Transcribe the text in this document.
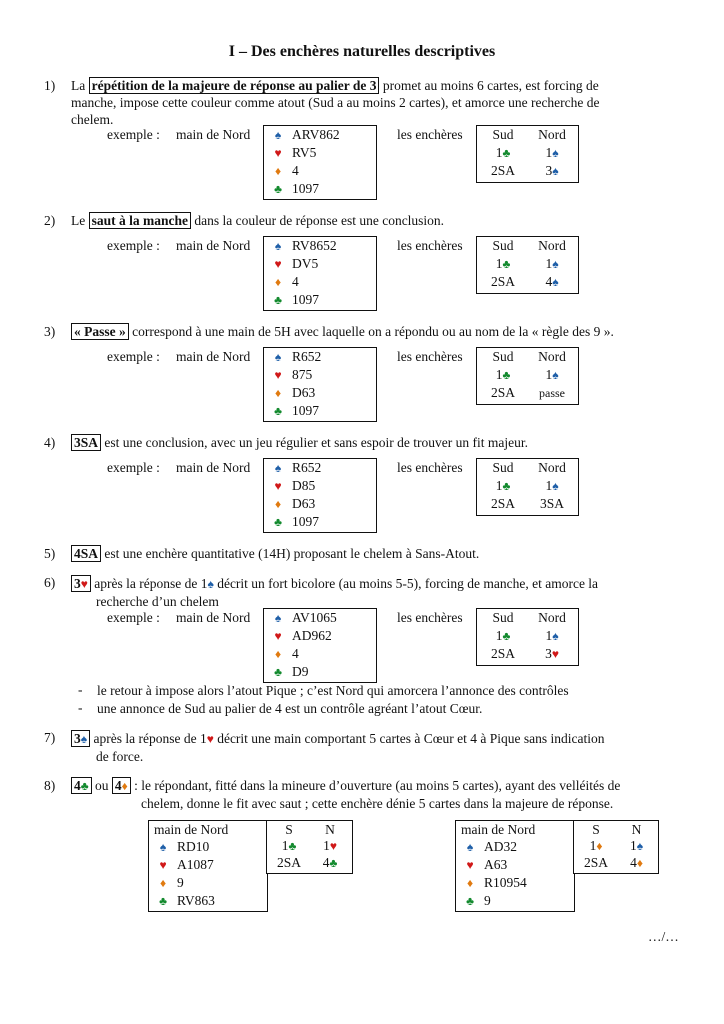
I – Des enchères naturelles descriptives
1) La répétition de la majeure de réponse au palier de 3 promet au moins 6 cartes, est forcing de
manche, impose cette couleur comme atout (Sud a au moins 2 cartes), et amorce une recherche de
chelem.
exemple : main de Nord ♠ ARV862
♥ RV5
♦ 4
♣ 1097
les enchères	Sud	Nord
1♣	1♠
2SA	3♠
2) Le saut à la manche dans la couleur de réponse est une conclusion.
exemple : main de Nord ♠ RV8652
♥ DV5
♦ 4
♣ 1097
les enchères	Sud	Nord
1♣	1♠
2SA	4♠
3) « Passe » correspond à une main de 5H avec laquelle on a répondu ou au nom de la « règle des 9 ».
exemple : main de Nord ♠ R652
♥ 875
♦ D63
♣ 1097
les enchères	Sud	Nord
1♣	1♠
2SA	passe
4) 3SA est une conclusion, avec un jeu régulier et sans espoir de trouver un fit majeur.
exemple : main de Nord ♠ R652
♥ D85
♦ D63
♣ 1097
les enchères	Sud	Nord
1♣	1♠
2SA	3SA
5) 4SA est une enchère quantitative (14H) proposant le chelem à Sans-Atout.
6) 3♥ après la réponse de 1♠ décrit un fort bicolore (au moins 5-5), forcing de manche, et amorce la
recherche d’un chelem
exemple : main de Nord ♠ AV1065
♥ AD962
♦ 4
♣ D9
les enchères	Sud	Nord
1♣	1♠
2SA	3♥
- le retour à impose alors l’atout Pique ; c’est Nord qui amorcera l’annonce des contrôles
- une annonce de Sud au palier de 4 est un contrôle agréant l’atout Cœur.
7) 3♠ après la réponse de 1♥ décrit une main comportant 5 cartes à Cœur et 4 à Pique sans indication
de force.
8) 4♣ ou 4♦ : le répondant, fitté dans la mineure d’ouverture (au moins 5 cartes), ayant des velléités de
chelem, donne le fit avec saut ; cette enchère dénie 5 cartes dans la majeure de réponse.
main de Nord
♠ RD10
♥ A1087
♦ 9
♣ RV863
S	N
1♣	1♥
2SA	4♣
main de Nord
♠ AD32
♥ A63
♦ R10954
♣ 9
S	N
1♦	1♠
2SA	4♦
…/…
